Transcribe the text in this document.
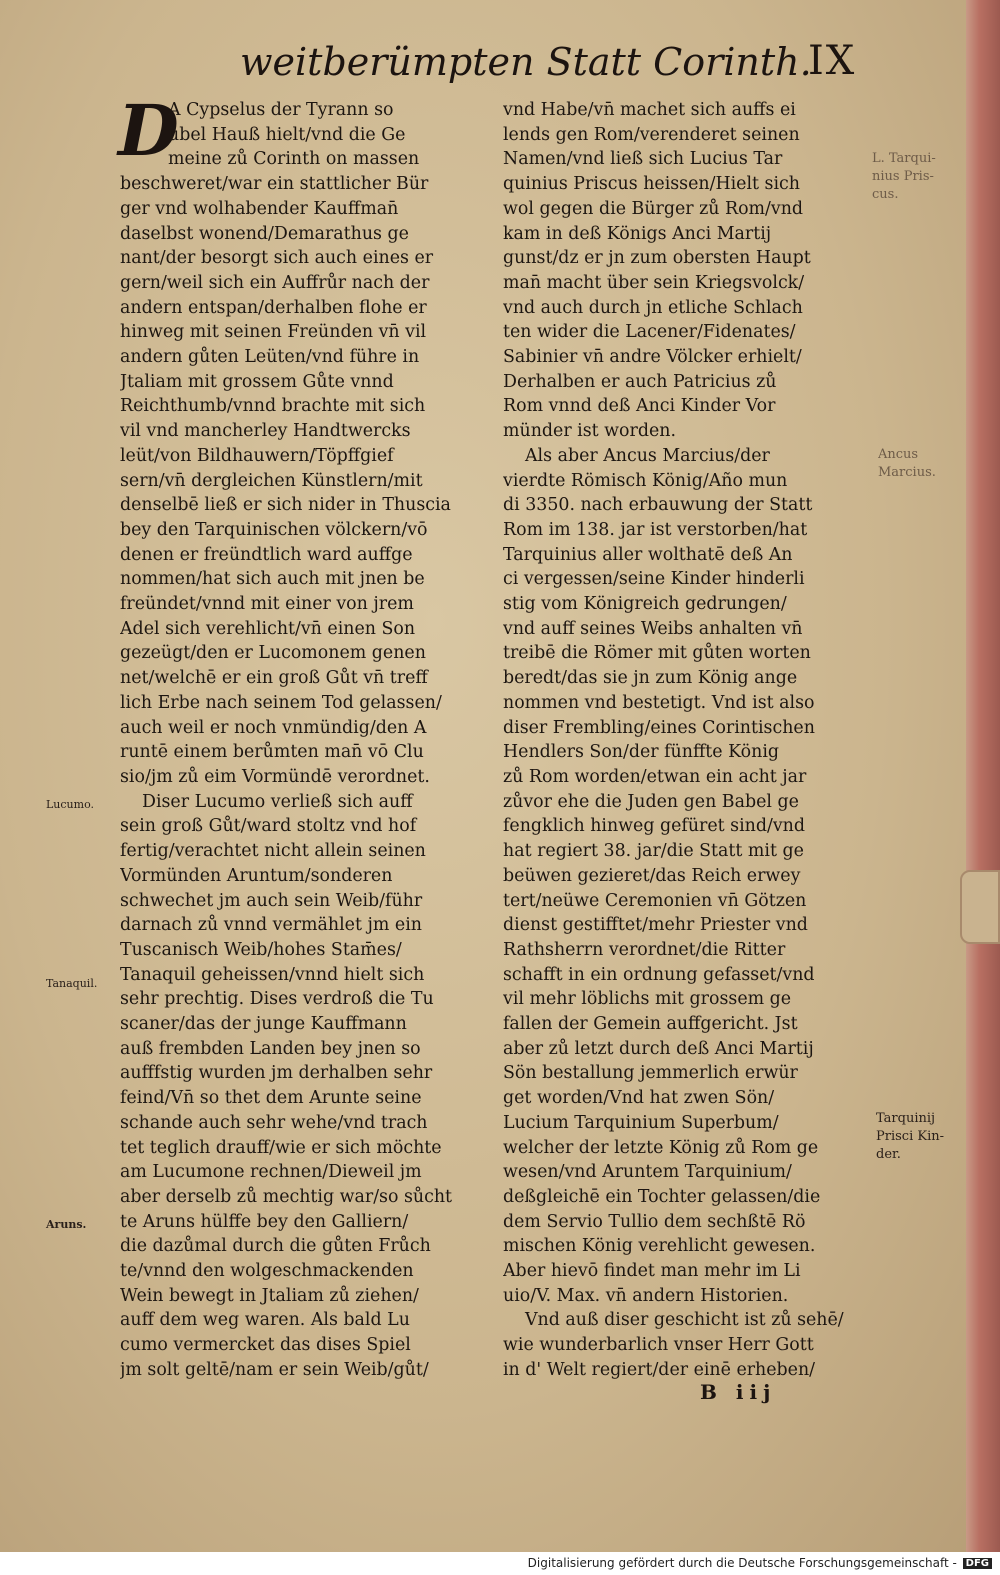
weitberümpten Statt Corinth.
IX
D
A Cypselus der Tyrann so
übel Hauß hielt/vnd die Ge
meine zů Corinth on massen
beschweret/war ein stattlicher Bür
ger vnd wolhabender Kauffman̄
daselbst wonend/Demarathus ge
nant/der besorgt sich auch eines er
gern/weil sich ein Auffrůr nach der
andern entspan/derhalben flohe er
hinweg mit seinen Freünden vn̄ vil
andern gůten Leüten/vnd führe in
Jtaliam mit grossem Gůte vnnd
Reichthumb/vnnd brachte mit sich
vil vnd mancherley Handtwercks
leüt/von Bildhauwern/Töpffgief
sern/vn̄ dergleichen Künstlern/mit
denselbē ließ er sich nider in Thuscia
bey den Tarquinischen völckern/vō
denen er freündtlich ward auffge
nommen/hat sich auch mit jnen be
freündet/vnnd mit einer von jrem
Adel sich verehlicht/vn̄ einen Son
gezeügt/den er Lucomonem genen
net/welchē er ein groß Gůt vn̄ treff
lich Erbe nach seinem Tod gelassen/
auch weil er noch vnmündig/den A
runtē einem berůmten man̄ vō Clu
sio/jm zů eim Vormündē verordnet.
Diser Lucumo verließ sich auff
sein groß Gůt/ward stoltz vnd hof
fertig/verachtet nicht allein seinen
Vormünden Aruntum/sonderen
schwechet jm auch sein Weib/führ
darnach zů vnnd vermählet jm ein
Tuscanisch Weib/hohes Stam̄es/
Tanaquil geheissen/vnnd hielt sich
sehr prechtig. Dises verdroß die Tu
scaner/das der junge Kauffmann
auß frembden Landen bey jnen so
aufffstig wurden jm derhalben sehr
feind/Vn̄ so thet dem Arunte seine
schande auch sehr wehe/vnd trach
tet teglich drauff/wie er sich möchte
am Lucumone rechnen/Dieweil jm
aber derselb zů mechtig war/so sůcht
te Aruns hülffe bey den Galliern/
die dazůmal durch die gůten Frůch
te/vnnd den wolgeschmackenden
Wein bewegt in Jtaliam zů ziehen/
auff dem weg waren. Als bald Lu
cumo vermercket das dises Spiel
jm solt geltē/nam er sein Weib/gůt/
vnd Habe/vn̄ machet sich auffs ei
lends gen Rom/verenderet seinen
Namen/vnd ließ sich Lucius Tar
quinius Priscus heissen/Hielt sich
wol gegen die Bürger zů Rom/vnd
kam in deß Königs Anci Martij
gunst/dz er jn zum obersten Haupt
man̄ macht über sein Kriegsvolck/
vnd auch durch jn etliche Schlach
ten wider die Lacener/Fidenates/
Sabinier vn̄ andre Völcker erhielt/
Derhalben er auch Patricius zů
Rom vnnd deß Anci Kinder Vor
münder ist worden.
Als aber Ancus Marcius/der
vierdte Römisch König/Año mun
di 3350. nach erbauwung der Statt
Rom im 138. jar ist verstorben/hat
Tarquinius aller wolthatē deß An
ci vergessen/seine Kinder hinderli
stig vom Königreich gedrungen/
vnd auff seines Weibs anhalten vn̄
treibē die Römer mit gůten worten
beredt/das sie jn zum König ange
nommen vnd bestetigt. Vnd ist also
diser Frembling/eines Corintischen
Hendlers Son/der fünffte König
zů Rom worden/etwan ein acht jar
zůvor ehe die Juden gen Babel ge
fengklich hinweg gefüret sind/vnd
hat regiert 38. jar/die Statt mit ge
beüwen gezieret/das Reich erwey
tert/neüwe Ceremonien vn̄ Götzen
dienst gestifftet/mehr Priester vnd
Rathsherrn verordnet/die Ritter
schafft in ein ordnung gefasset/vnd
vil mehr löblichs mit grossem ge
fallen der Gemein auffgericht. Jst
aber zů letzt durch deß Anci Martij
Sön bestallung jemmerlich erwür
get worden/Vnd hat zwen Sön/
Lucium Tarquinium Superbum/
welcher der letzte König zů Rom ge
wesen/vnd Aruntem Tarquinium/
deßgleichē ein Tochter gelassen/die
dem Servio Tullio dem sechßtē Rö
mischen König verehlicht gewesen.
Aber hievō findet man mehr im Li
uio/V. Max. vn̄ andern Historien.
Vnd auß diser geschicht ist zů sehē/
wie wunderbarlich vnser Herr Gott
in d' Welt regiert/der einē erheben/
L. Tarqui-
nius Pris-
cus.
Ancus
Marcius.
Tarquinij
Prisci Kin-
der.
Lucumo.
Tanaquil.
Aruns.
B iij
Digitalisierung gefördert durch die Deutsche Forschungsgemeinschaft - DFG
